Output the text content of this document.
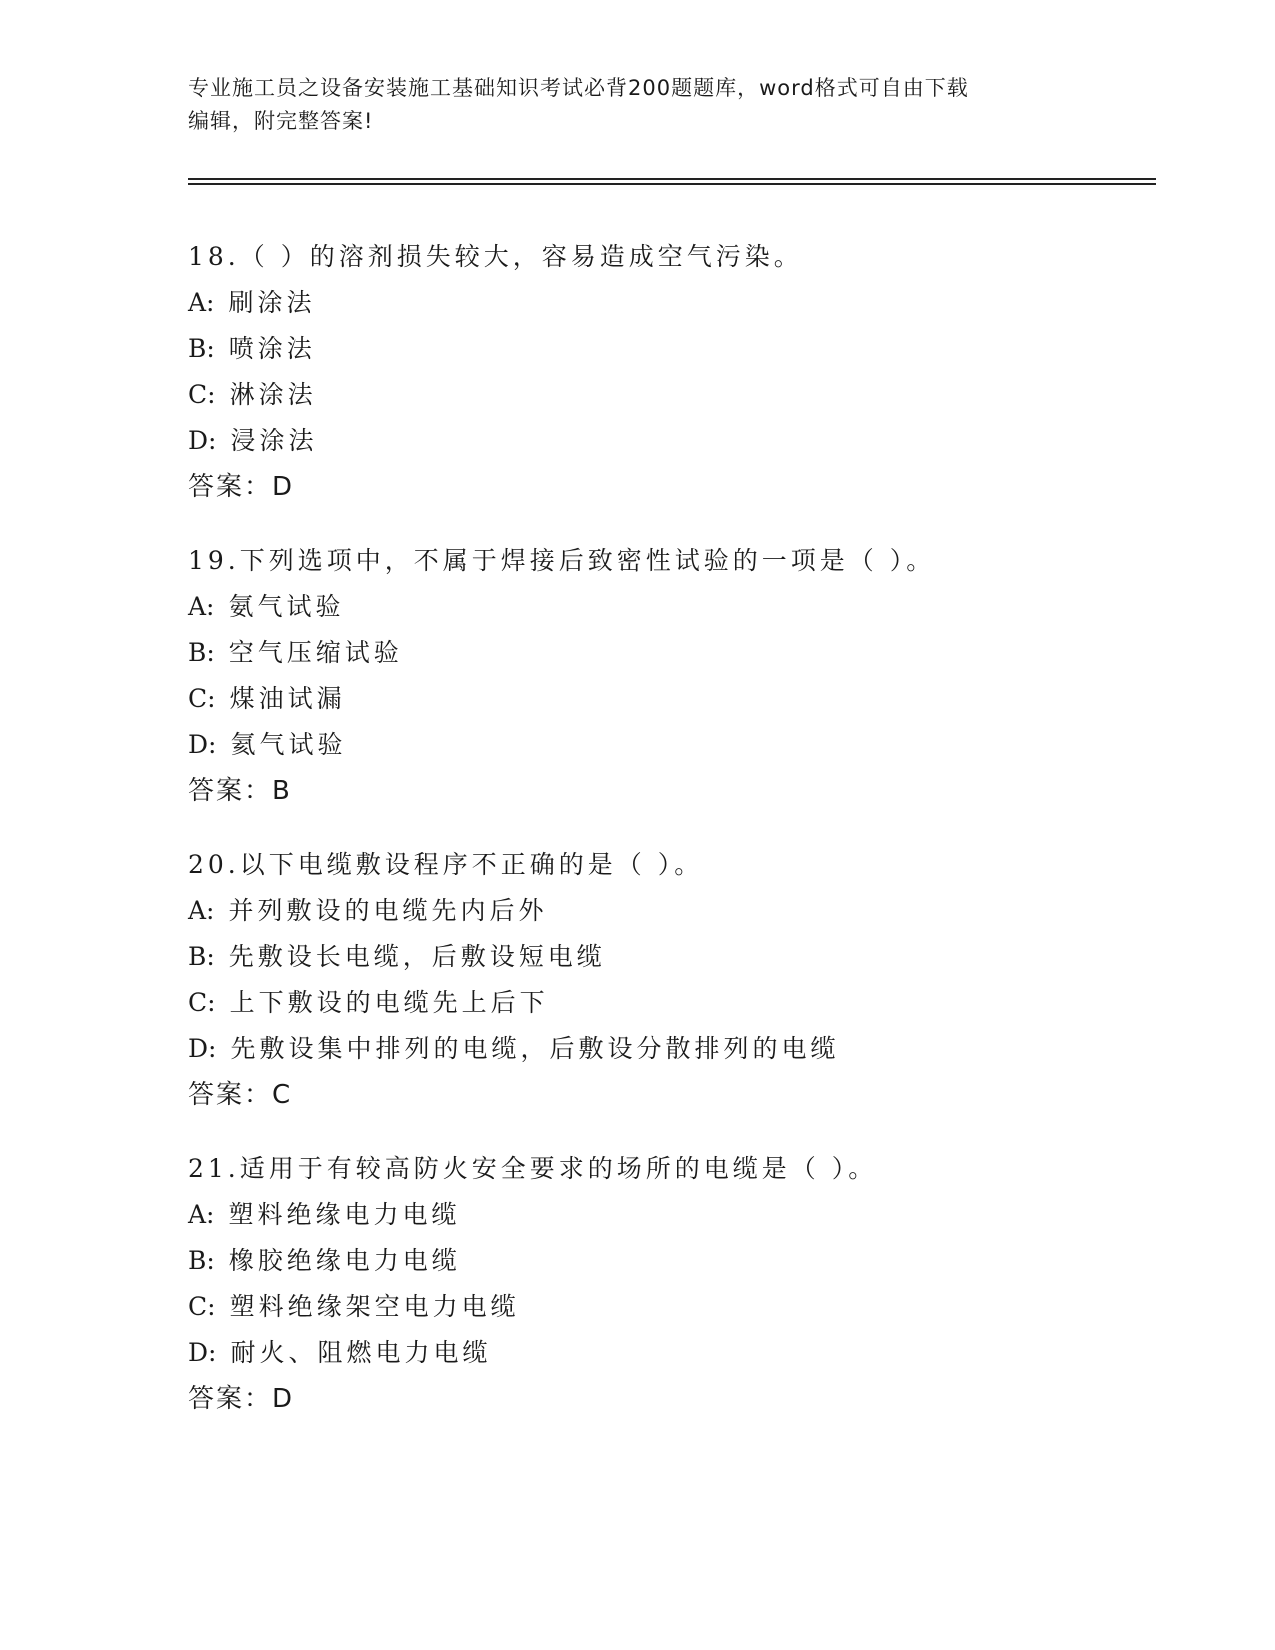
专业施工员之设备安装施工基础知识考试必背200题题库，word格式可自由下载
编辑，附完整答案!
18.（ ）的溶剂损失较大，容易造成空气污染。
A: 刷涂法
B: 喷涂法
C: 淋涂法
D: 浸涂法
答案：D
19.下列选项中，不属于焊接后致密性试验的一项是（ ）。
A: 氨气试验
B: 空气压缩试验
C: 煤油试漏
D: 氦气试验
答案：B
20.以下电缆敷设程序不正确的是（ ）。
A: 并列敷设的电缆先内后外
B: 先敷设长电缆，后敷设短电缆
C: 上下敷设的电缆先上后下
D: 先敷设集中排列的电缆，后敷设分散排列的电缆
答案：C
21.适用于有较高防火安全要求的场所的电缆是（ ）。
A: 塑料绝缘电力电缆
B: 橡胶绝缘电力电缆
C: 塑料绝缘架空电力电缆
D: 耐火、阻燃电力电缆
答案：D
